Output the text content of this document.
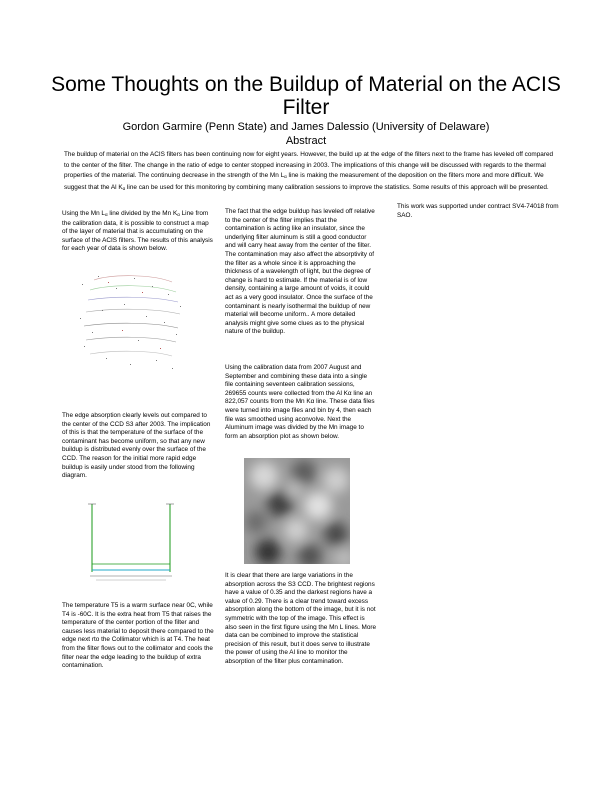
Some Thoughts on the Buildup of Material on the ACIS Filter
Gordon Garmire (Penn State) and James Dalessio (University of Delaware)
Abstract
The buildup of material on the ACIS filters has been continuing now for eight years. However, the build up at the edge of the filters next to the frame has leveled off compared to the center of the filter. The change in the ratio of edge to center stopped increasing in 2003. The implications of this change will be discussed with regards to the thermal properties of the material. The continuing decrease in the strength of the Mn $L_\alpha$ line is making the measurement of the deposition on the filters more and more difficult. We suggest that the Al $K_\alpha$ line can be used for this monitoring by combining many calibration sessions to improve the statistics. Some results of this approach will be presented.

Using the Mn $L_\alpha$ line divided by the Mn $K_\alpha$ Line from the calibration data, it is possible to construct a map of the layer of material that is accumulating on the surface of the ACIS filters. The results of this analysis for each year of data is shown below.

The edge absorption clearly levels out compared to the center of the CCD S3 after 2003. The implication of this is that the temperature of the surface of the contaminant has become uniform, so that any new buildup is distributed evenly over the surface of the CCD. The reason for the initial more rapid edge buildup is easily under stood from the following diagram.

The temperature T5 is a warm surface near 0C, while T4 is -60C. It is the extra heat from T5 that raises the temperature of the center portion of the filter and causes less material to deposit there compared to the edge next rto the Collimator which is at T4. The heat from the filter flows out to the collimator and cools the filter near the edge leading to the buildup of extra contamination.

The fact that the edge buildup has leveled off relative to the center of the filter implies that the contamination is acting like an insulator, since the underlying filter aluminum is still a good conductor and will carry heat away from the center of the filter. The contamination may also affect the absorptivity of the filter as a whole since it is approaching the thickness of a wavelength of light, but the degree of change is hard to estimate. If the material is of low density, containing a large amount of voids, it could act as a very good insulator. Once the surface of the contaminant is nearly isothermal the buildup of new material will become uniform.. A more detailed analysis might give some clues as to the physical nature of the buildup.

Using the calibration data from 2007 August and September and combining these data into a single file containing seventeen calibration sessions, 269655 counts were collected from the Al Kα line an 822,057 counts from the Mn Kα line. These data files were turned into image files and bin by 4, then each file was smoothed using aconvolve. Next the Aluminum image was divided by the Mn image to form an absorption plot as shown below.

It is clear that there are large variations in the absorption across the S3 CCD. The brightest regions have a value of 0.35 and the darkest regions have a value of 0.29. There is a clear trend toward excess absorption along the bottom of the image, but it is not symmetric with the top of the image. This effect is also seen in the first figure using the Mn L lines. More data can be combined to improve the statistical precision of this result, but it does serve to illustrate the power of using the Al line to monitor the absorption of the filter plus contamination.

This work was supported under contract SV4-74018 from SAO.
